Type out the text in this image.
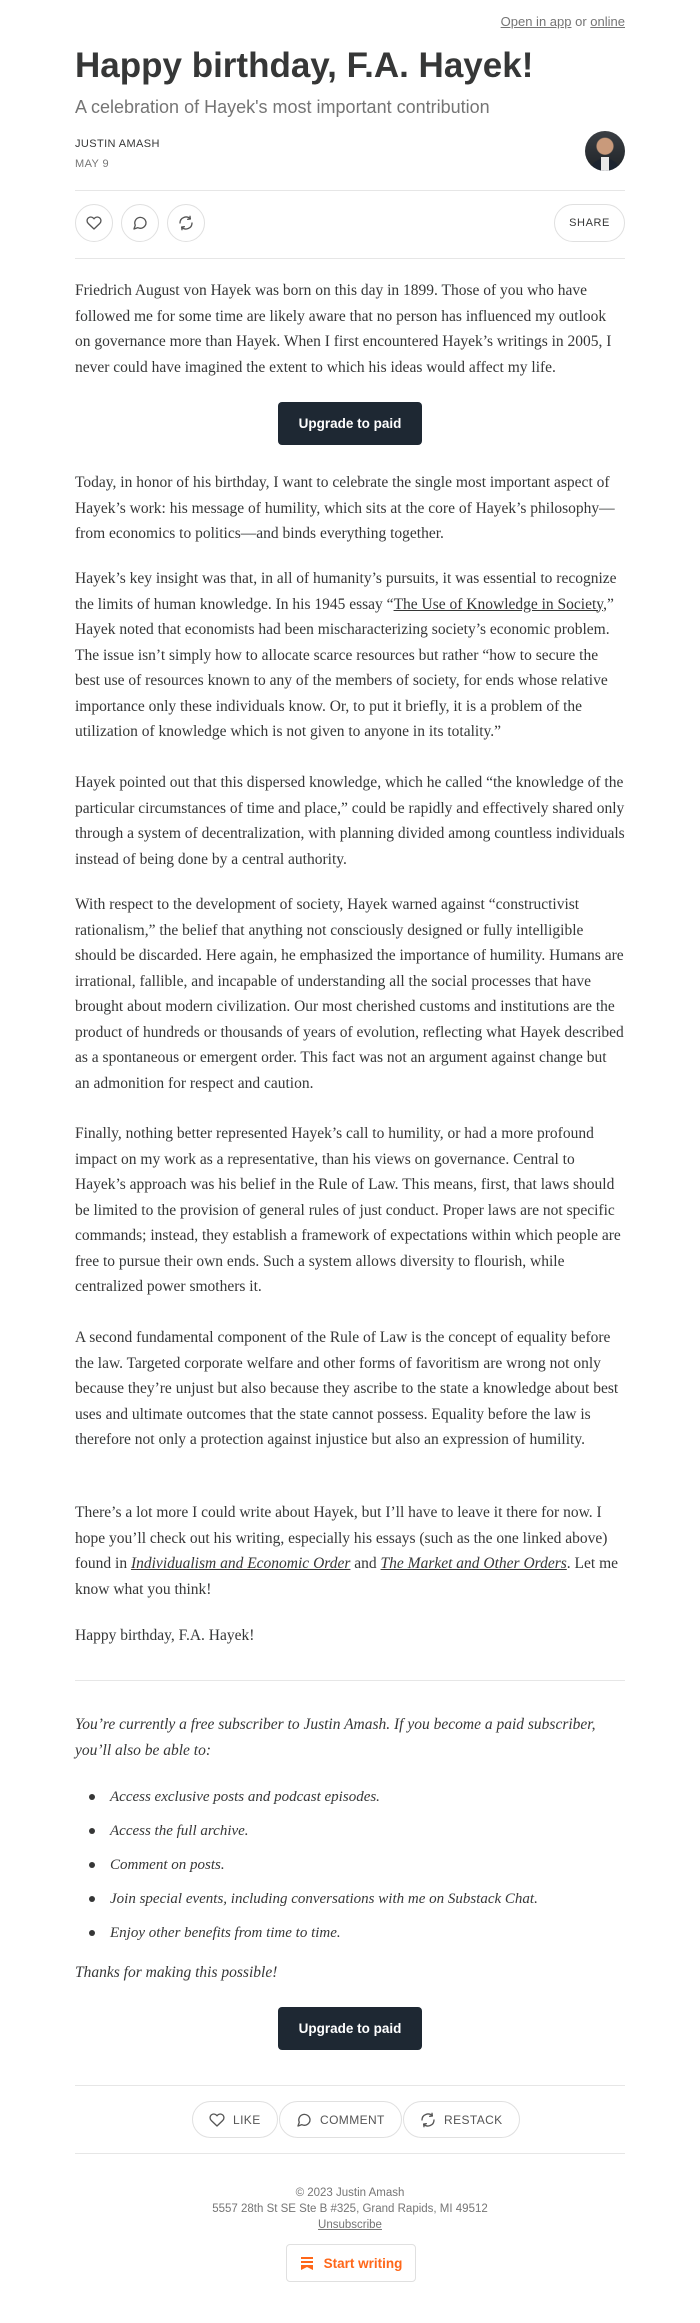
Open in app or online
Happy birthday, F.A. Hayek!
A celebration of Hayek's most important contribution
JUSTIN AMASH
MAY 9
SHARE

Friedrich August von Hayek was born on this day in 1899. Those of you who have followed me for some time are likely aware that no person has influenced my outlook on governance more than Hayek. When I first encountered Hayek’s writings in 2005, I never could have imagined the extent to which his ideas would affect my life.

Upgrade to paid

Today, in honor of his birthday, I want to celebrate the single most important aspect of Hayek’s work: his message of humility, which sits at the core of Hayek’s philosophy—from economics to politics—and binds everything together.

Hayek’s key insight was that, in all of humanity’s pursuits, it was essential to recognize the limits of human knowledge. In his 1945 essay “The Use of Knowledge in Society,” Hayek noted that economists had been mischaracterizing society’s economic problem. The issue isn’t simply how to allocate scarce resources but rather “how to secure the best use of resources known to any of the members of society, for ends whose relative importance only these individuals know. Or, to put it briefly, it is a problem of the utilization of knowledge which is not given to anyone in its totality.”

Hayek pointed out that this dispersed knowledge, which he called “the knowledge of the particular circumstances of time and place,” could be rapidly and effectively shared only through a system of decentralization, with planning divided among countless individuals instead of being done by a central authority.

With respect to the development of society, Hayek warned against “constructivist rationalism,” the belief that anything not consciously designed or fully intelligible should be discarded. Here again, he emphasized the importance of humility. Humans are irrational, fallible, and incapable of understanding all the social processes that have brought about modern civilization. Our most cherished customs and institutions are the product of hundreds or thousands of years of evolution, reflecting what Hayek described as a spontaneous or emergent order. This fact was not an argument against change but an admonition for respect and caution.

Finally, nothing better represented Hayek’s call to humility, or had a more profound impact on my work as a representative, than his views on governance. Central to Hayek’s approach was his belief in the Rule of Law. This means, first, that laws should be limited to the provision of general rules of just conduct. Proper laws are not specific commands; instead, they establish a framework of expectations within which people are free to pursue their own ends. Such a system allows diversity to flourish, while centralized power smothers it.

A second fundamental component of the Rule of Law is the concept of equality before the law. Targeted corporate welfare and other forms of favoritism are wrong not only because they’re unjust but also because they ascribe to the state a knowledge about best uses and ultimate outcomes that the state cannot possess. Equality before the law is therefore not only a protection against injustice but also an expression of humility.

There’s a lot more I could write about Hayek, but I’ll have to leave it there for now. I hope you’ll check out his writing, especially his essays (such as the one linked above) found in Individualism and Economic Order and The Market and Other Orders. Let me know what you think!

Happy birthday, F.A. Hayek!

You’re currently a free subscriber to Justin Amash. If you become a paid subscriber, you’ll also be able to:
Access exclusive posts and podcast episodes.
Access the full archive.
Comment on posts.
Join special events, including conversations with me on Substack Chat.
Enjoy other benefits from time to time.
Thanks for making this possible!
Upgrade to paid
LIKE	COMMENT	RESTACK
© 2023 Justin Amash
5557 28th St SE Ste B #325, Grand Rapids, MI 49512
Unsubscribe
Start writing
